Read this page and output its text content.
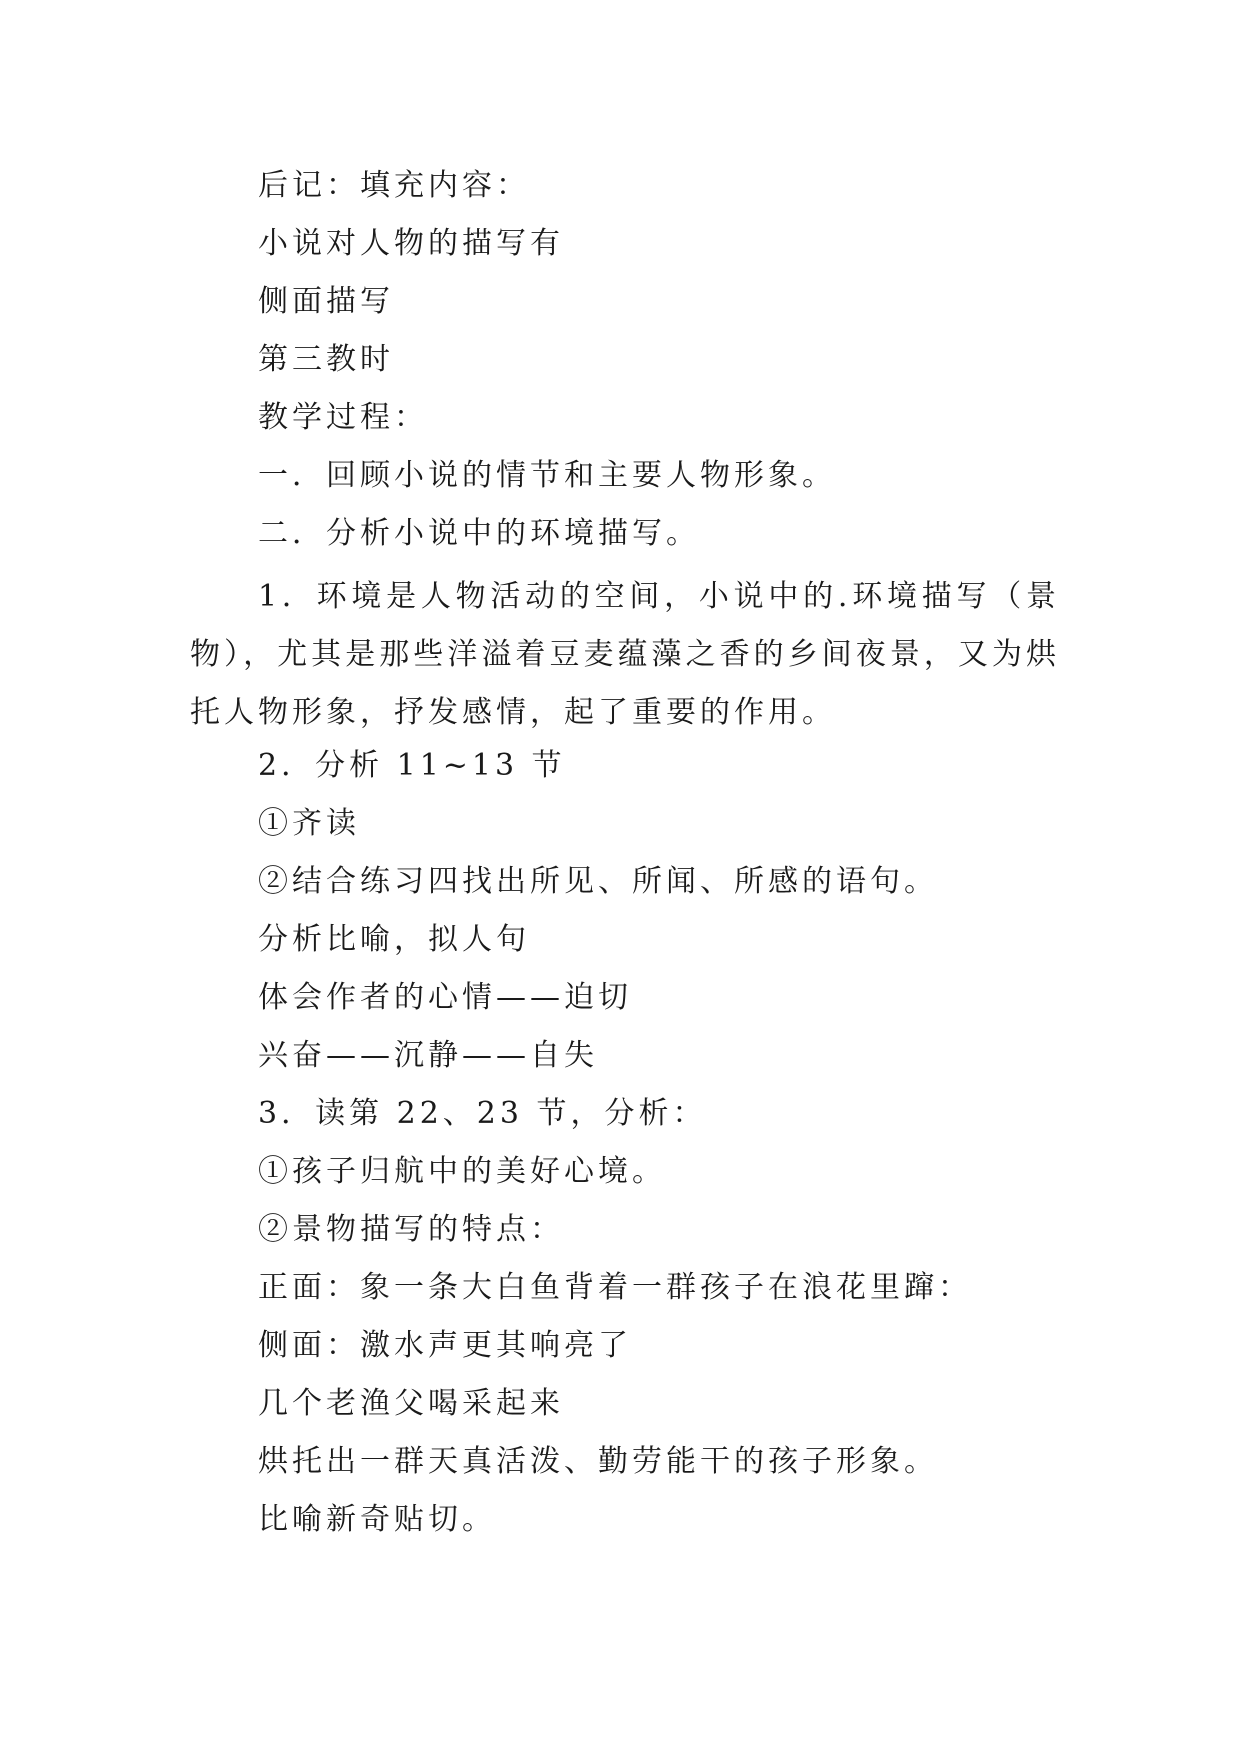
后记：填充内容：
小说对人物的描写有
侧面描写
第三教时
教学过程：
一．回顾小说的情节和主要人物形象。
二．分析小说中的环境描写。
1．环境是人物活动的空间，小说中的.环境描写（景物），尤其是那些洋溢着豆麦蕴藻之香的乡间夜景，又为烘托人物形象，抒发感情，起了重要的作用。
2．分析 11~13 节
①齐读
②结合练习四找出所见、所闻、所感的语句。
分析比喻，拟人句
体会作者的心情——迫切
兴奋——沉静——自失
3．读第 22、23 节，分析：
①孩子归航中的美好心境。
②景物描写的特点：
正面：象一条大白鱼背着一群孩子在浪花里蹿：
侧面：激水声更其响亮了
几个老渔父喝采起来
烘托出一群天真活泼、勤劳能干的孩子形象。
比喻新奇贴切。
